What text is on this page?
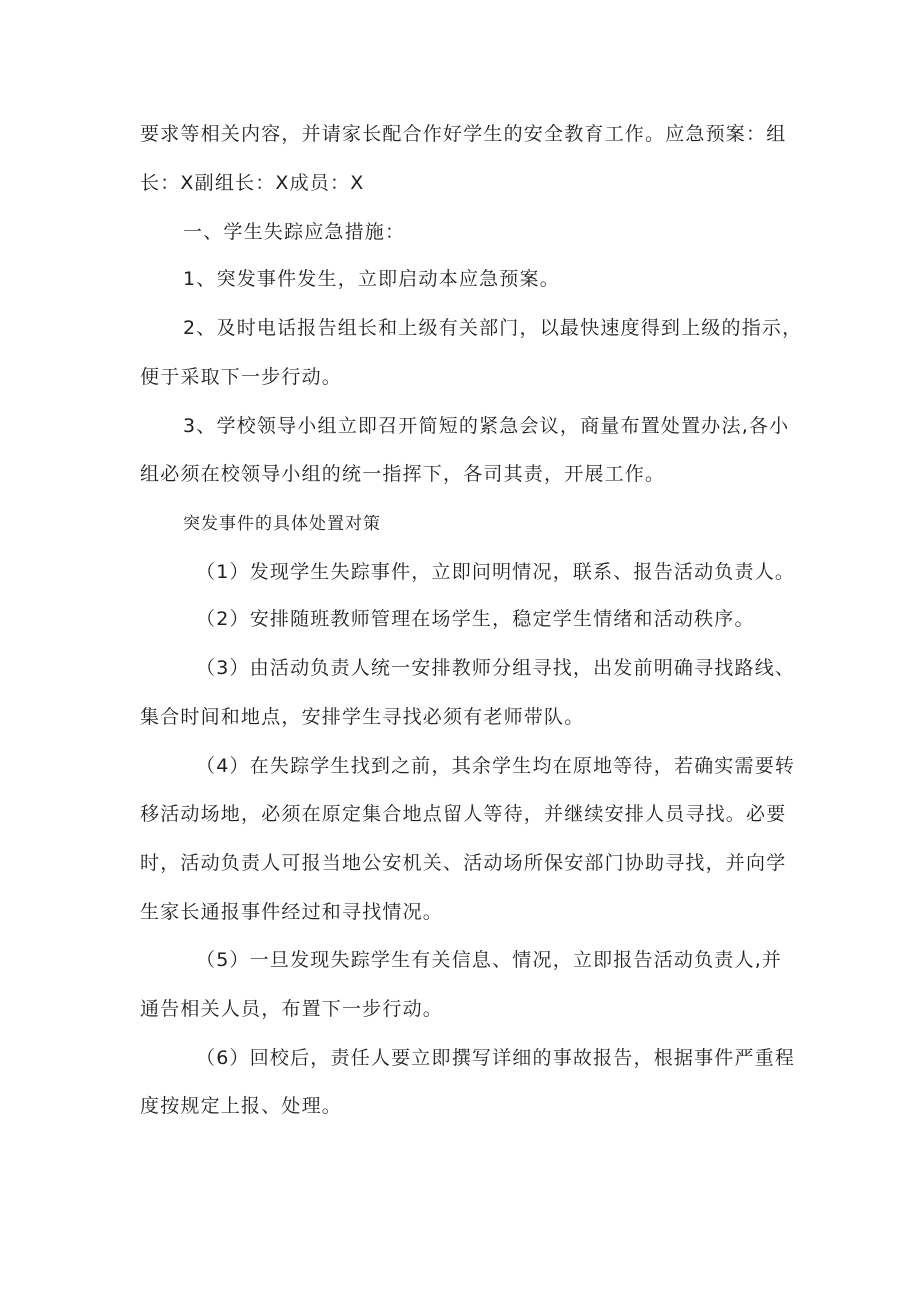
要求等相关内容，并请家长配合作好学生的安全教育工作。应急预案：组
长：X副组长：X成员：X
一、学生失踪应急措施：
1、突发事件发生，立即启动本应急预案。
2、及时电话报告组长和上级有关部门，以最快速度得到上级的指示，
便于采取下一步行动。
3、学校领导小组立即召开简短的紧急会议，商量布置处置办法,各小
组必须在校领导小组的统一指挥下，各司其责，开展工作。
突发事件的具体处置对策
（1）发现学生失踪事件，立即问明情况，联系、报告活动负责人。
（2）安排随班教师管理在场学生，稳定学生情绪和活动秩序。
（3）由活动负责人统一安排教师分组寻找，出发前明确寻找路线、
集合时间和地点，安排学生寻找必须有老师带队。
（4）在失踪学生找到之前，其余学生均在原地等待，若确实需要转
移活动场地，必须在原定集合地点留人等待，并继续安排人员寻找。必要
时，活动负责人可报当地公安机关、活动场所保安部门协助寻找，并向学
生家长通报事件经过和寻找情况。
（5）一旦发现失踪学生有关信息、情况，立即报告活动负责人,并
通告相关人员，布置下一步行动。
（6）回校后，责任人要立即撰写详细的事故报告，根据事件严重程
度按规定上报、处理。
